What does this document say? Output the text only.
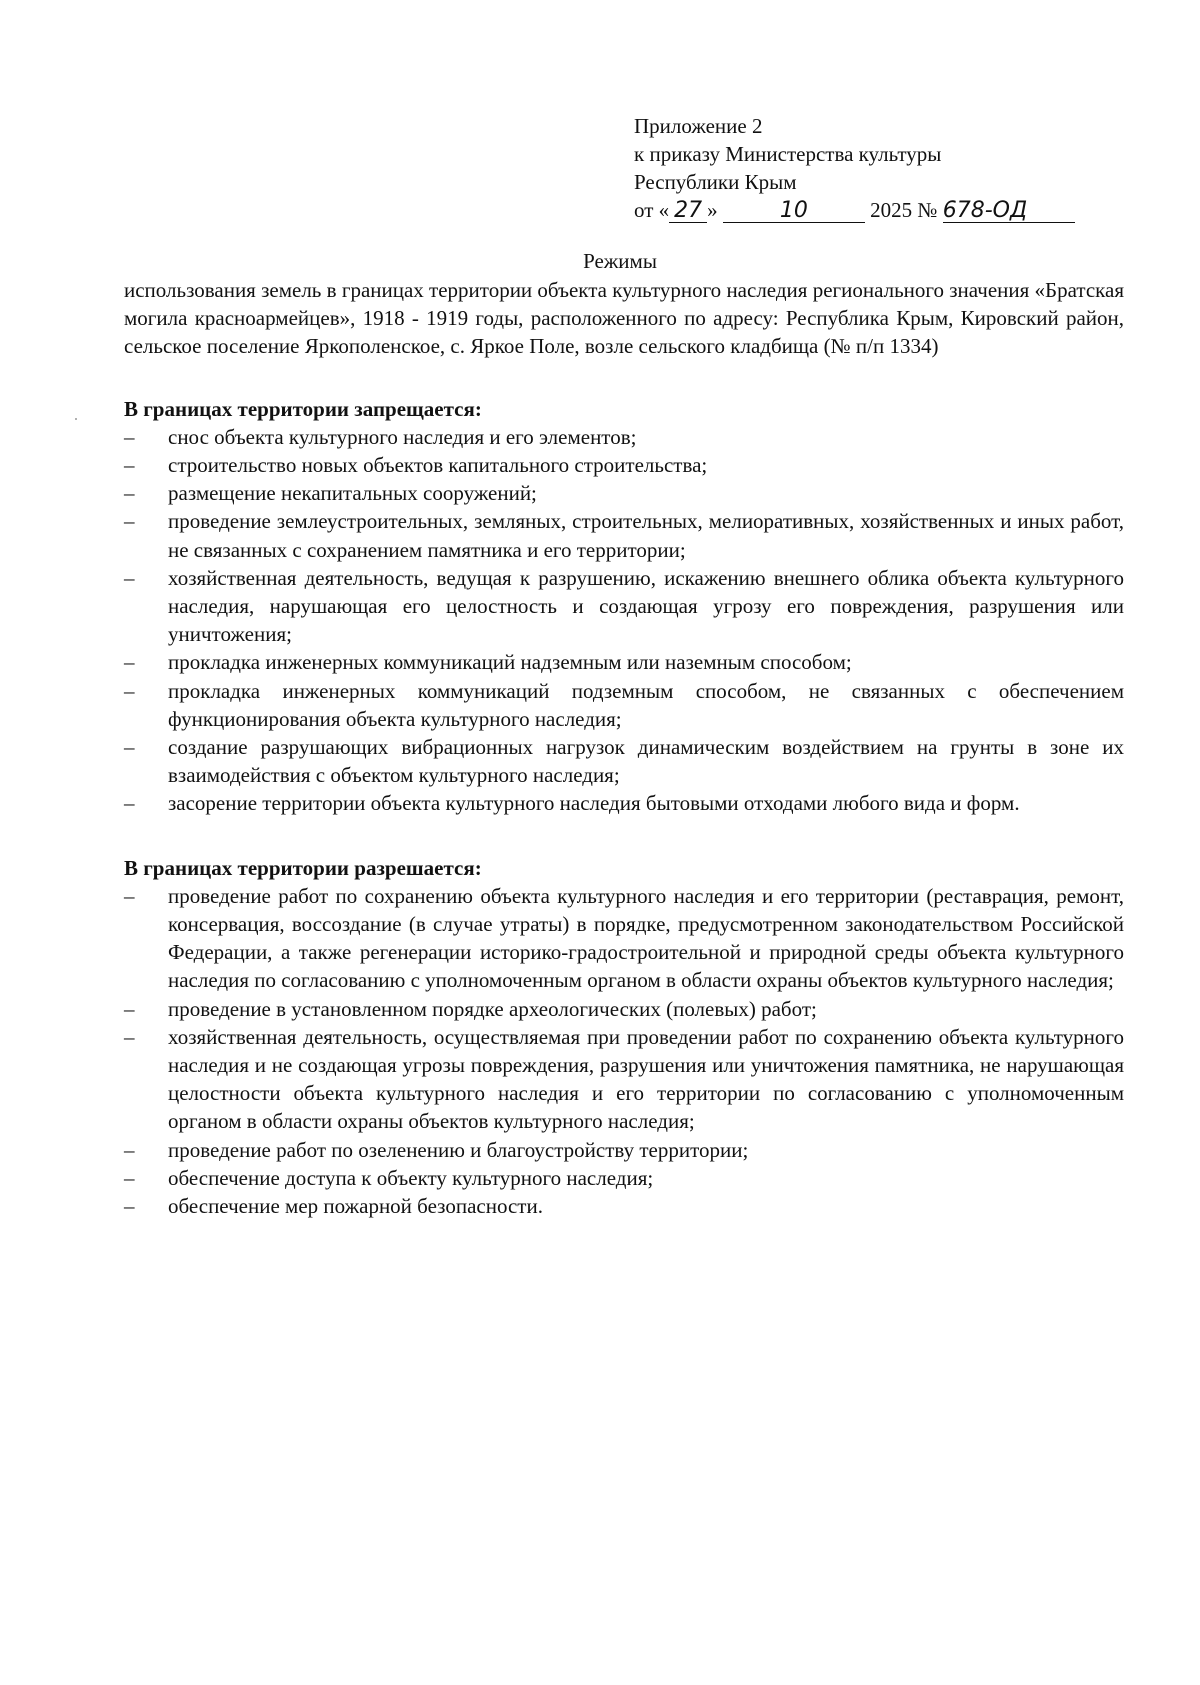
Приложение 2
к приказу Министерства культуры
Республики Крым
от « 27 »	10	2025 № 678-ОД
Режимы

использования земель в границах территории объекта культурного наследия регионального значения «Братская могила красноармейцев», 1918 - 1919 годы, расположенного по адресу: Республика Крым, Кировский район, сельское поселение Яркополенское, с. Яркое Поле, возле сельского кладбища (№ п/п 1334)

В границах территории запрещается:
– снос объекта культурного наследия и его элементов;
– строительство новых объектов капитального строительства;
– размещение некапитальных сооружений;
– проведение землеустроительных, земляных, строительных, мелиоративных, хозяйственных и иных работ, не связанных с сохранением памятника и его территории;
– хозяйственная деятельность, ведущая к разрушению, искажению внешнего облика объекта культурного наследия, нарушающая его целостность и создающая угрозу его повреждения, разрушения или уничтожения;
– прокладка инженерных коммуникаций надземным или наземным способом;
– прокладка инженерных коммуникаций подземным способом, не связанных с обеспечением функционирования объекта культурного наследия;
– создание разрушающих вибрационных нагрузок динамическим воздействием на грунты в зоне их взаимодействия с объектом культурного наследия;
– засорение территории объекта культурного наследия бытовыми отходами любого вида и форм.
В границах территории разрешается:
– проведение работ по сохранению объекта культурного наследия и его территории (реставрация, ремонт, консервация, воссоздание (в случае утраты) в порядке, предусмотренном законодательством Российской Федерации, а также регенерации историко-градостроительной и природной среды объекта культурного наследия по согласованию с уполномоченным органом в области охраны объектов культурного наследия;
– проведение в установленном порядке археологических (полевых) работ;
– хозяйственная деятельность, осуществляемая при проведении работ по сохранению объекта культурного наследия и не создающая угрозы повреждения, разрушения или уничтожения памятника, не нарушающая целостности объекта культурного наследия и его территории по согласованию с уполномоченным органом в области охраны объектов культурного наследия;
– проведение работ по озеленению и благоустройству территории;
– обеспечение доступа к объекту культурного наследия;
– обеспечение мер пожарной безопасности.
